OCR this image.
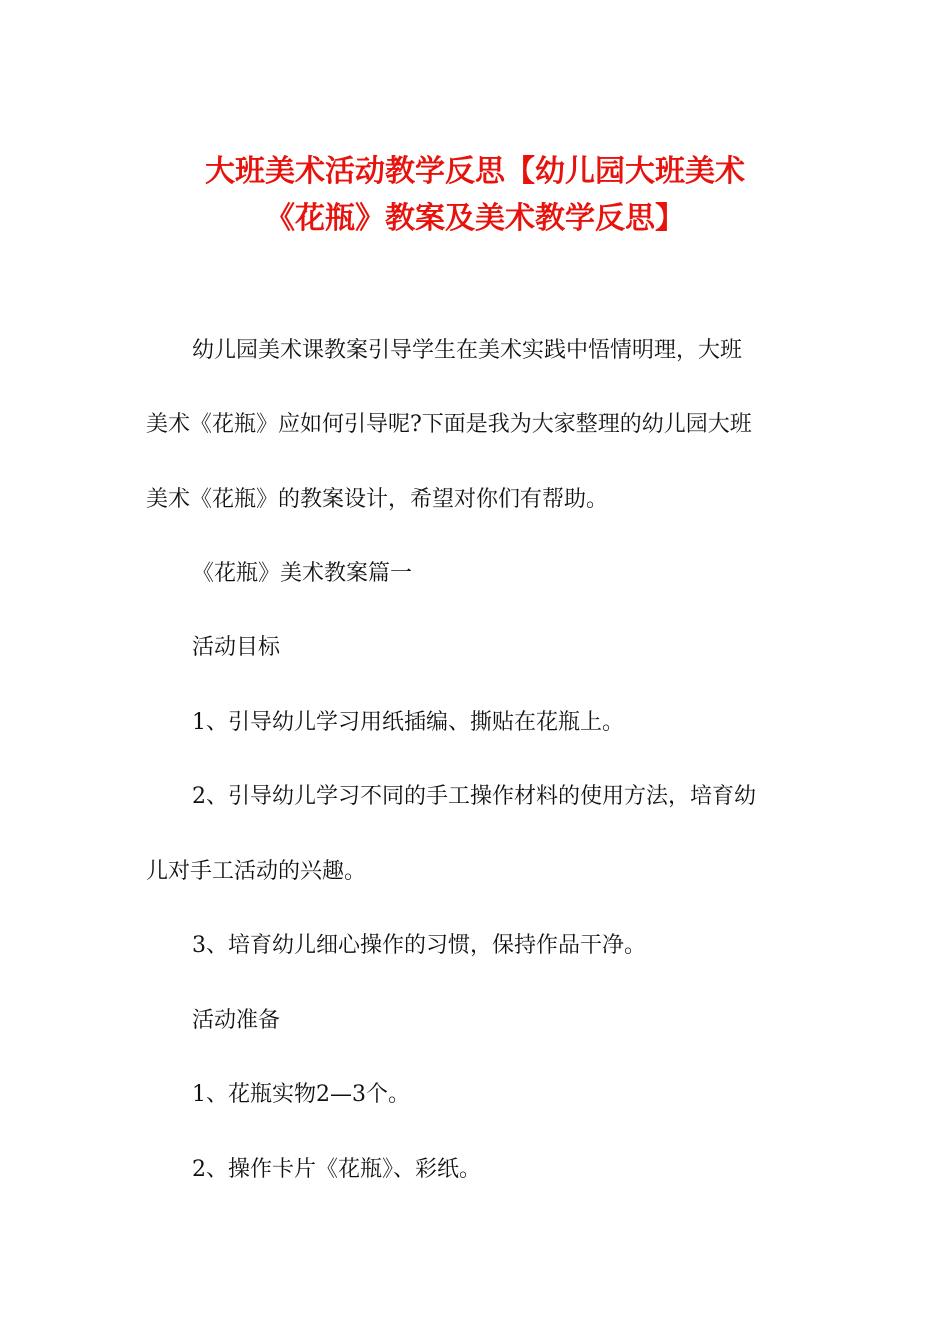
大班美术活动教学反思【幼儿园大班美术
《花瓶》教案及美术教学反思】
幼儿园美术课教案引导学生在美术实践中悟情明理，大班
美术《花瓶》应如何引导呢?下面是我为大家整理的幼儿园大班
美术《花瓶》的教案设计，希望对你们有帮助。
《花瓶》美术教案篇一
活动目标
1、引导幼儿学习用纸插编、撕贴在花瓶上。
2、引导幼儿学习不同的手工操作材料的使用方法，培育幼
儿对手工活动的兴趣。
3、培育幼儿细心操作的习惯，保持作品干净。
活动准备
1、花瓶实物2—3个。
2、操作卡片《花瓶》、彩纸。
